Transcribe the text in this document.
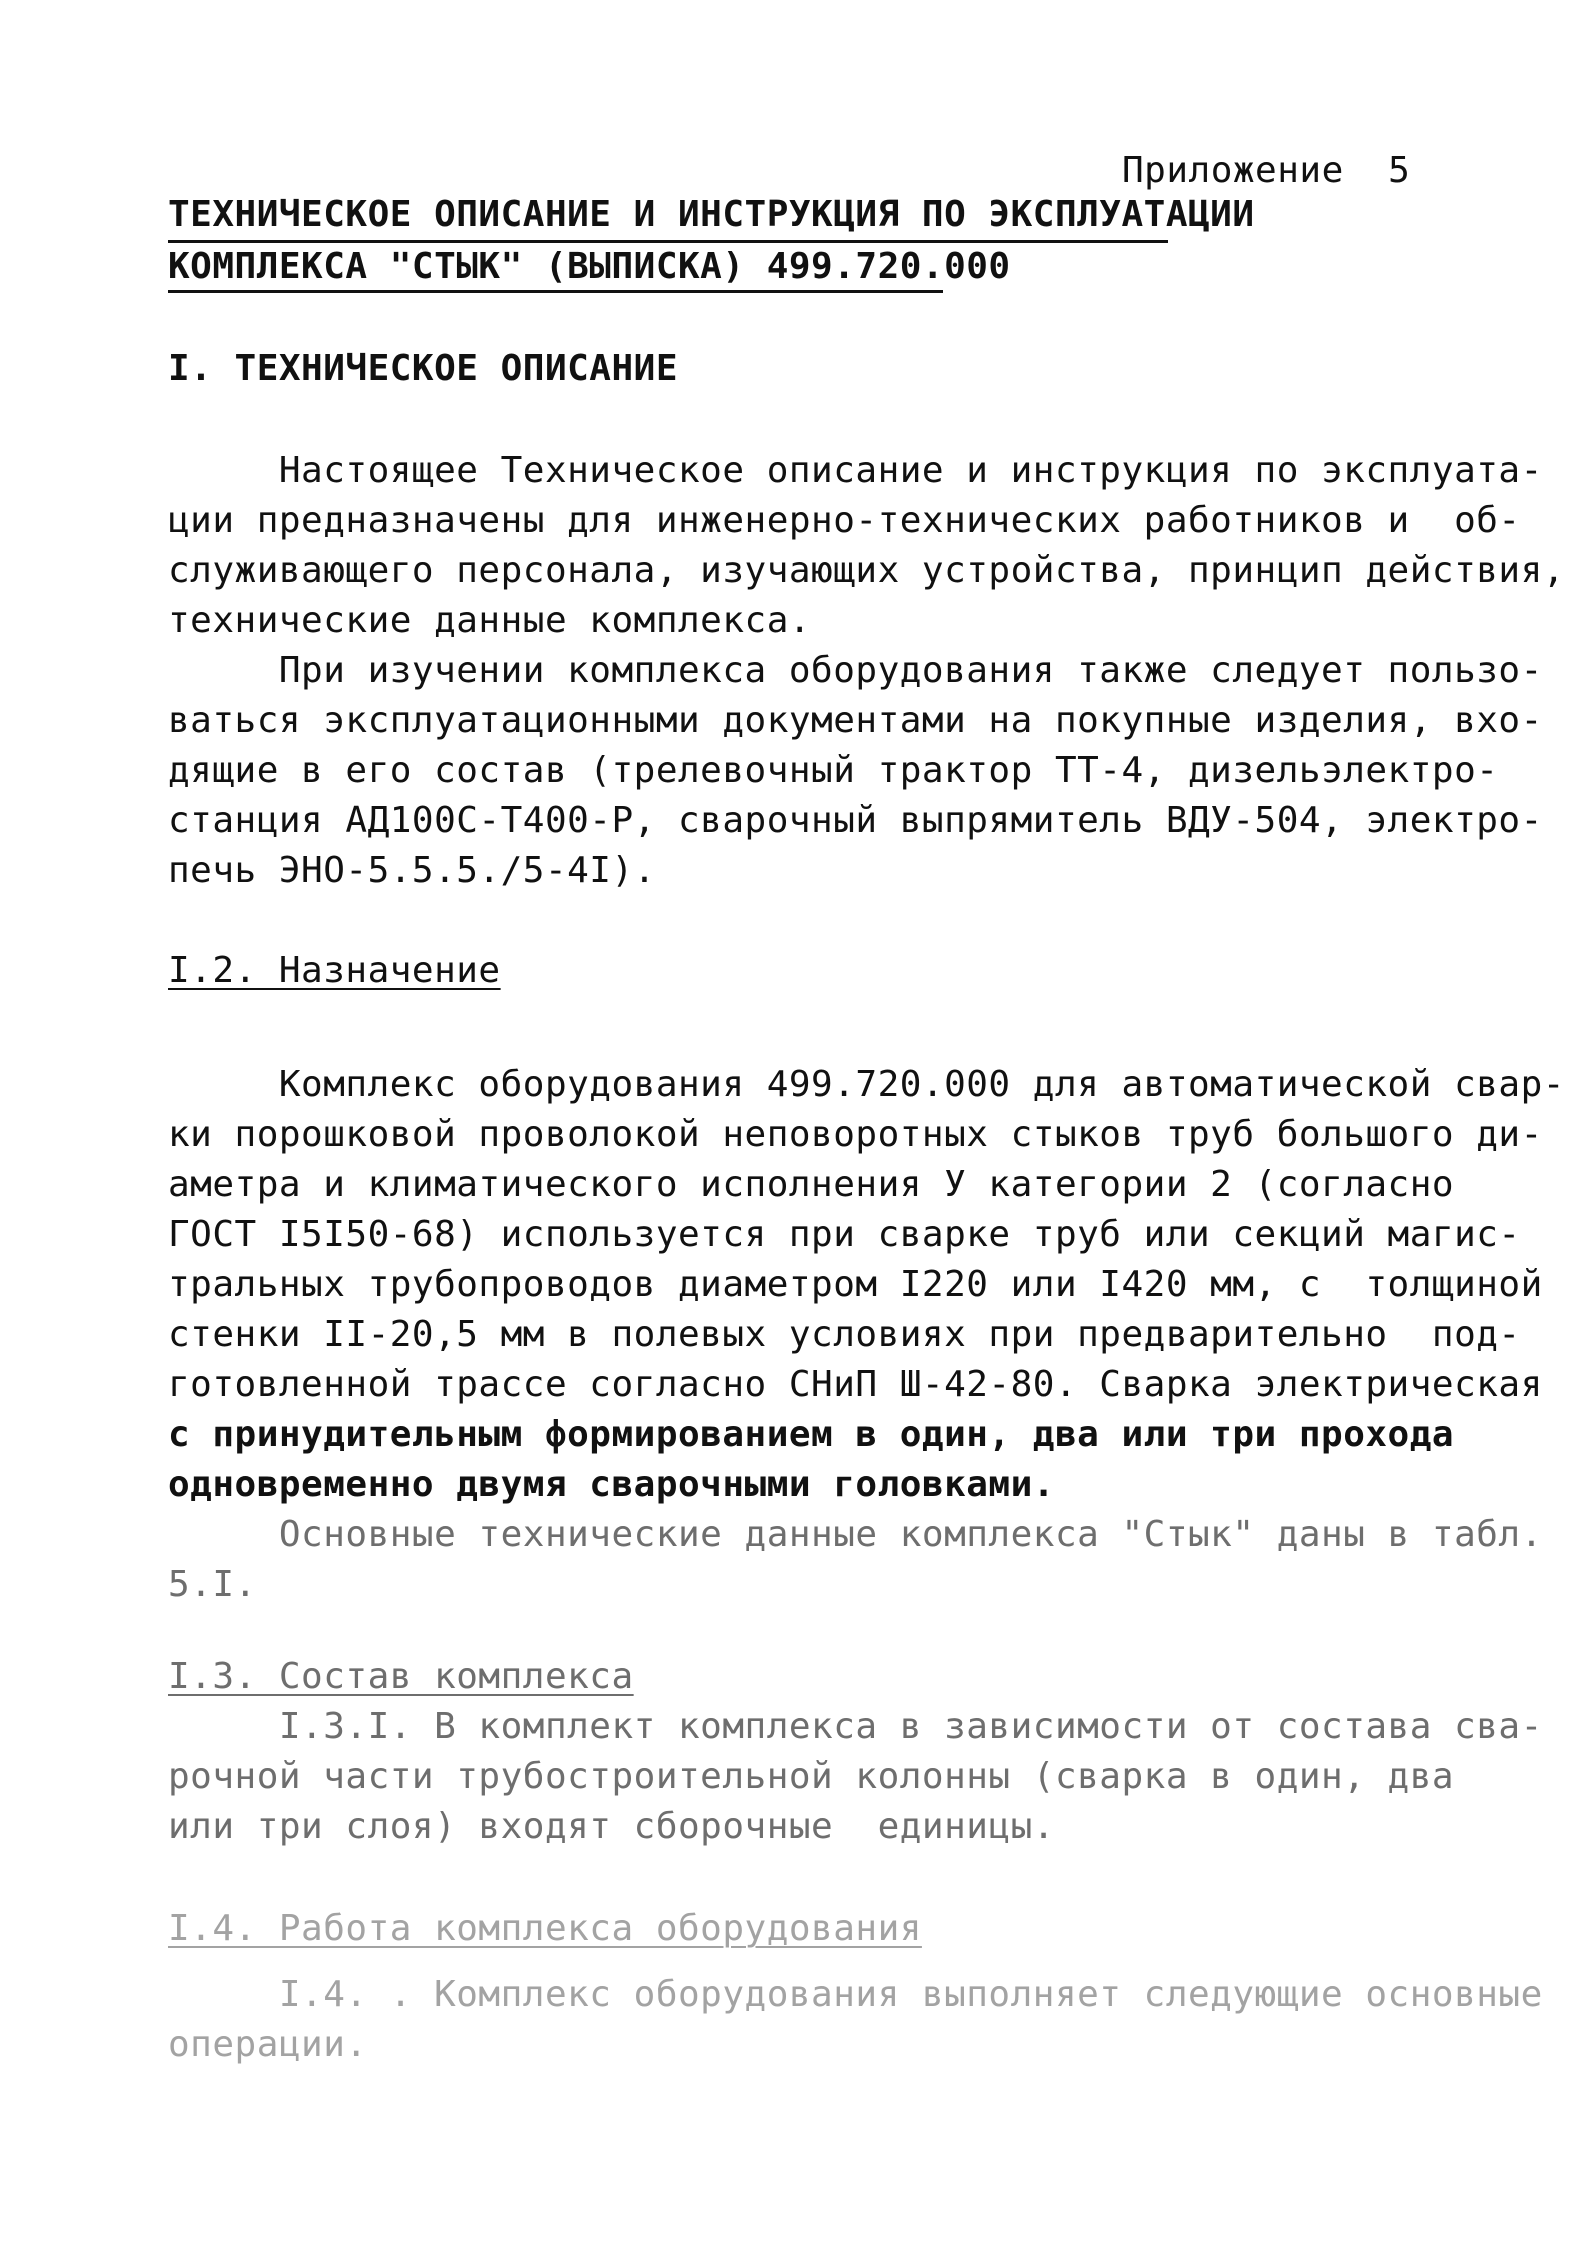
Приложение  5
ТЕХНИЧЕСКОЕ ОПИСАНИЕ И ИНСТРУКЦИЯ ПО ЭКСПЛУАТАЦИИ
КОМПЛЕКСА "СТЫК" (ВЫПИСКА) 499.720.000
I. ТЕХНИЧЕСКОЕ ОПИСАНИЕ
Настоящее Техническое описание и инструкция по эксплуата-
ции предназначены для инженерно-технических работников и  об-
служивающего персонала, изучающих устройства, принцип действия,
технические данные комплекса.
При изучении комплекса оборудования также следует пользо-
ваться эксплуатационными документами на покупные изделия, вхо-
дящие в его состав (трелевочный трактор ТТ-4, дизельэлектро-
станция АД100С-Т400-Р, сварочный выпрямитель ВДУ-504, электро-
печь ЭНО-5.5.5./5-4I).
I.2. Назначение
Комплекс оборудования 499.720.000 для автоматической свар-
ки порошковой проволокой неповоротных стыков труб большого ди-
аметра и климатического исполнения У категории 2 (согласно
ГОСТ I5I50-68) используется при сварке труб или секций магис-
тральных трубопроводов диаметром I220 или I420 мм, с  толщиной
стенки II-20,5 мм в полевых условиях при предварительно  под-
готовленной трассе согласно СНиП Ш-42-80. Сварка электрическая
с принудительным формированием в один, два или три прохода
одновременно двумя сварочными головками.
Основные технические данные комплекса "Стык" даны в табл.
5.I.
I.3. Состав комплекса
I.3.I. В комплект комплекса в зависимости от состава сва-
рочной части трубостроительной колонны (сварка в один, два
или три слоя) входят сборочные  единицы.
I.4. Работа комплекса оборудования
I.4. . Комплекс оборудования выполняет следующие основные
операции.
